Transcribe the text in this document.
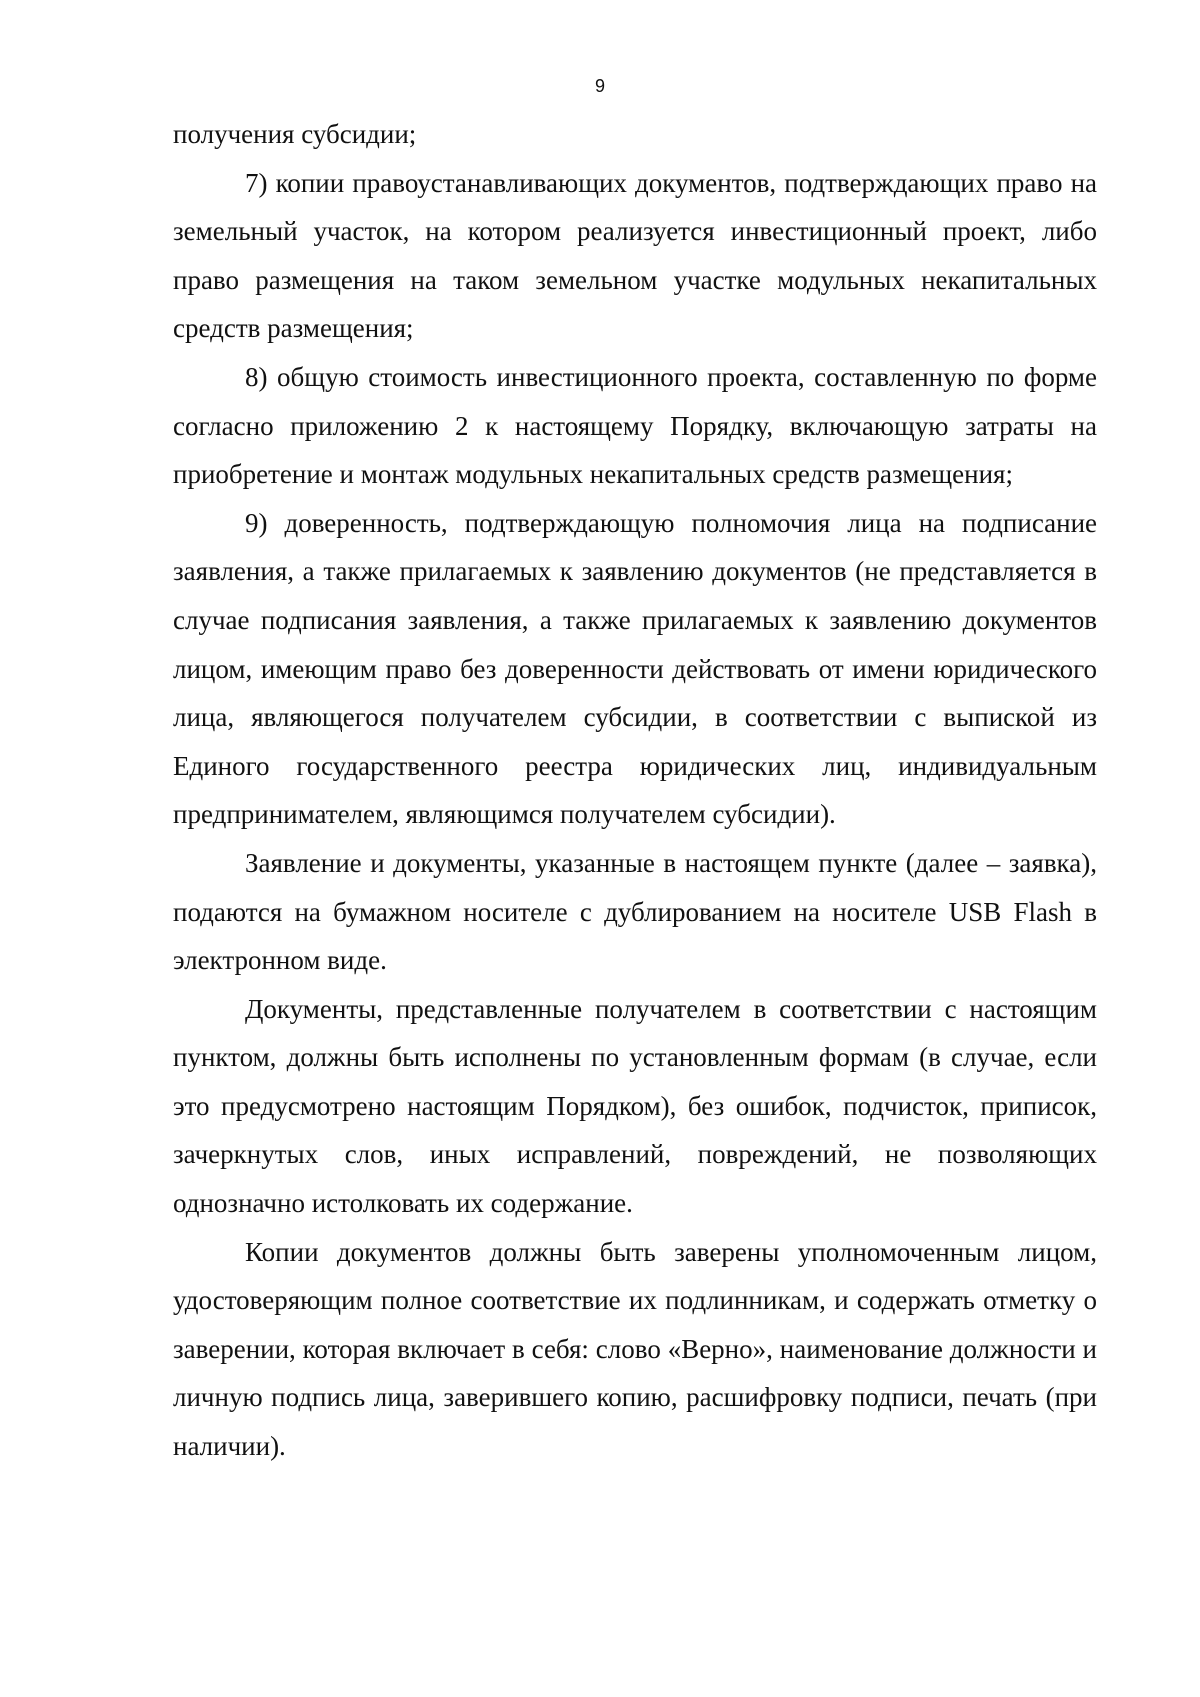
9

получения субсидии;

7) копии правоустанавливающих документов, подтверждающих право на земельный участок, на котором реализуется инвестиционный проект, либо право размещения на таком земельном участке модульных некапитальных средств размещения;

8) общую стоимость инвестиционного проекта, составленную по форме согласно приложению 2 к настоящему Порядку, включающую затраты на приобретение и монтаж модульных некапитальных средств размещения;

9) доверенность, подтверждающую полномочия лица на подписание заявления, а также прилагаемых к заявлению документов (не представляется в случае подписания заявления, а также прилагаемых к заявлению документов лицом, имеющим право без доверенности действовать от имени юридического лица, являющегося получателем субсидии, в соответствии с выпиской из Единого государственного реестра юридических лиц, индивидуальным предпринимателем, являющимся получателем субсидии).

Заявление и документы, указанные в настоящем пункте (далее – заявка), подаются на бумажном носителе с дублированием на носителе USB Flash в электронном виде.

Документы, представленные получателем в соответствии с настоящим пунктом, должны быть исполнены по установленным формам (в случае, если это предусмотрено настоящим Порядком), без ошибок, подчисток, приписок, зачеркнутых слов, иных исправлений, повреждений, не позволяющих однозначно истолковать их содержание.

Копии документов должны быть заверены уполномоченным лицом, удостоверяющим полное соответствие их подлинникам, и содержать отметку о заверении, которая включает в себя: слово «Верно», наименование должности и личную подпись лица, заверившего копию, расшифровку подписи, печать (при наличии).
